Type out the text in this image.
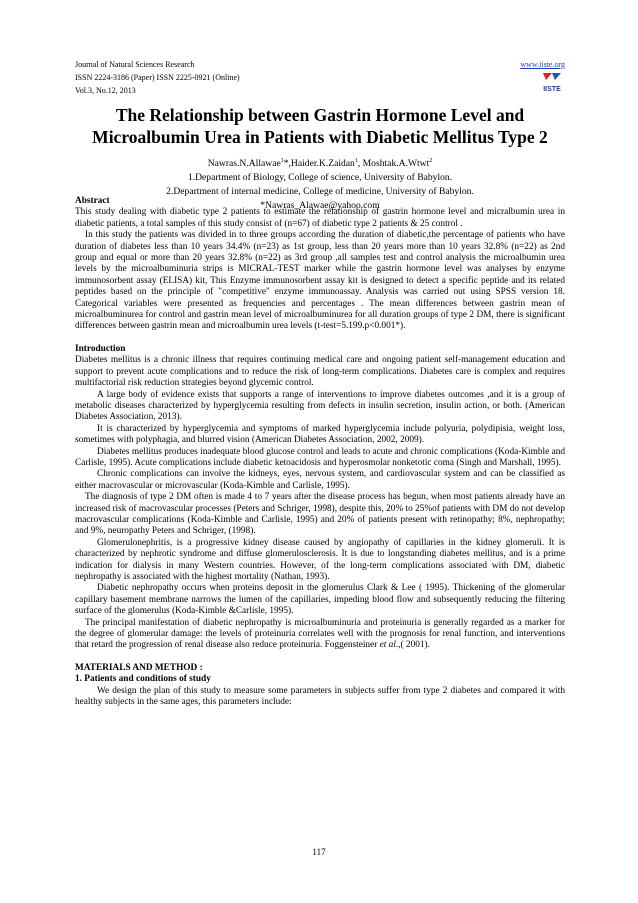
Journal of Natural Sciences Research
ISSN 2224-3186 (Paper) ISSN 2225-0921 (Online)
Vol.3, No.12, 2013
www.iiste.org
IISTE
The Relationship between Gastrin Hormone Level and Microalbumin Urea in Patients with Diabetic Mellitus Type 2
Nawras.N.Allawae$^1$*,Haider.K.Zaidan$^1$, Moshtak.A.Wtwt$^2$
1.Department of Biology, College of science, University of Babylon.
2.Department of internal medicine, College of medicine, University of Babylon.
*Nawras_Alawae@yahoo.com

Abstract

This study dealing with diabetic type 2 patients to estimate the relationship of gastrin hormone level and micralbumin urea in diabetic patients, a total samples of this study consist of (n=67) of diabetic type 2 patients & 25 control .

In this study the patients was divided in to three groups according the duration of diabetic,the percentage of patients who have duration of diabetes less than 10 years 34.4% (n=23) as 1st group, less than 20 years more than 10 years 32.8% (n=22) as 2nd group and equal or more than 20 years 32.8% (n=22) as 3rd group ,all samples test and control analysis the microalbumin urea levels by the microalbuminuria strips is MICRAL-TEST marker while the gastrin hormone level was analyses by enzyme immunosorbent assay (ELISA) kit, This Enzyme immunosorbent assay kit is designed to detect a specific peptide and its related peptides based on the principle of "competitive" enzyme immunoassay. Analysis was carried out using SPSS version 18. Categorical variables were presented as frequencies and percentages . The mean differences between gastrin mean of microalbuminurea for control and gastrin mean level of microalbuminurea for all duration groups of type 2 DM, there is significant differences between gastrin mean and microalbumin urea levels (t-test=5.199.p<0.001*).

Introduction

Diabetes mellitus is a chronic illness that requires continuing medical care and ongoing patient self-management education and support to prevent acute complications and to reduce the risk of long-term complications. Diabetes care is complex and requires multifactorial risk reduction strategies beyond glycemic control.

A large body of evidence exists that supports a range of interventions to improve diabetes outcomes ,and it is a group of metabolic diseases characterized by hyperglycemia resulting from defects in insulin secretion, insulin action, or both. (American Diabetes Association, 2013).

It is characterized by hyperglycemia and symptoms of marked hyperglycemia include polyuria, polydipisia, weight loss, sometimes with polyphagia, and blurred vision (American Diabetes Association, 2002, 2009).

Diabetes mellitus produces inadequate blood glucose control and leads to acute and chronic complications (Koda-Kimble and Carlisle, 1995). Acute complications include diabetic ketoacidosis and hyperosmolar nonketotic coma (Singh and Marshall, 1995).

Chronic complications can involve the kidneys, eyes, nervous system, and cardiovascular system and can be classified as either macrovascular or microvascular (Koda-Kimble and Carlisle, 1995).

The diagnosis of type 2 DM often is made 4 to 7 years after the disease process has begun, when most patients already have an increased risk of macrovascular processes (Peters and Schriger, 1998), despite this, 20% to 25%of patients with DM do not develop macrovascular complications (Koda-Kimble and Carlisle, 1995) and 20% of patients present with retinopathy; 8%, nephropathy; and 9%, neuropathy Peters and Schriger, (1998).

Glomerulonephritis, is a progressive kidney disease caused by angiopathy of capillaries in the kidney glomeruli. It is characterized by nephrotic syndrome and diffuse glomerulosclerosis. It is due to longstanding diabetes mellitus, and is a prime indication for dialysis in many Western countries. However, of the long-term complications associated with DM, diabetic nephropathy is associated with the highest mortality (Nathan, 1993).

Diabetic nephropathy occurs when proteins deposit in the glomerulus Clark & Lee ( 1995). Thickening of the glomerular capillary basement membrane narrows the lumen of the capillaries, impeding blood flow and subsequently reducing the filtering surface of the glomerulus (Koda-Kimble &Carlisle, 1995).

The principal manifestation of diabetic nephropathy is microalbuminuria and proteinuria is generally regarded as a marker for the degree of glomerular damage: the levels of proteinuria correlates well with the prognosis for renal function, and interventions that retard the progression of renal disease also reduce proteinuria. Foggensteiner et al.,( 2001).

MATERIALS AND METHOD :

1. Patients and conditions of study

We design the plan of this study to measure some parameters in subjects suffer from type 2 diabetes and compared it with healthy subjects in the same ages, this parameters include:

117
